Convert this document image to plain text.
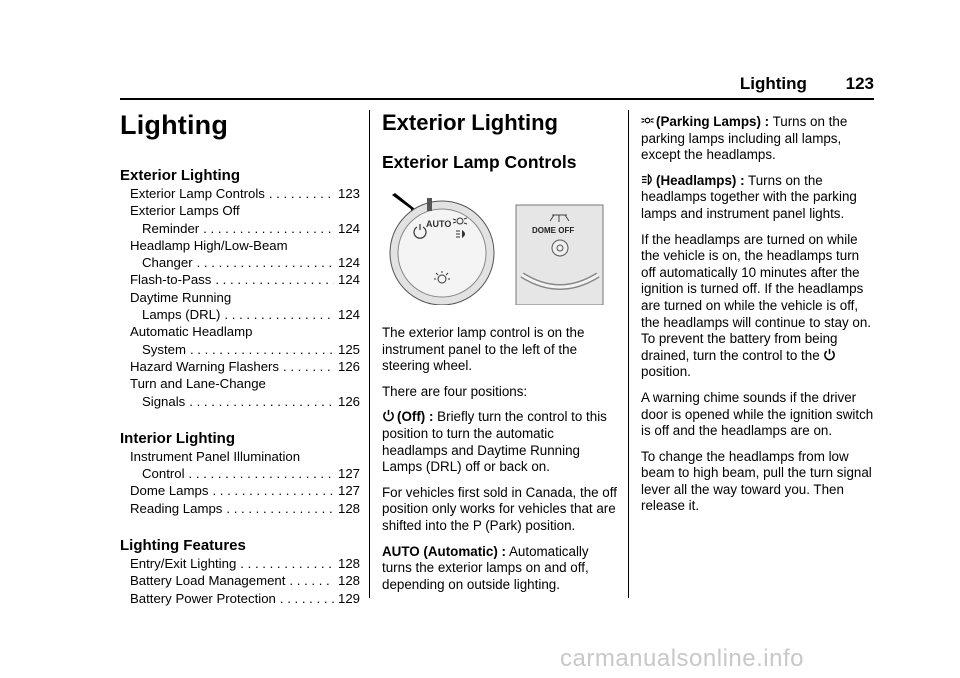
Lighting 123
Lighting
Exterior Lighting
Exterior Lamp Controls . . .	123
Exterior Lamps Off
Reminder . . .	124
Headlamp High/Low-Beam
Changer . . .	124
Flash-to-Pass . . .	124
Daytime Running
Lamps (DRL) . . .	124
Automatic Headlamp
System . . .	125
Hazard Warning Flashers . . .	126
Turn and Lane-Change
Signals . . .	126
Interior Lighting
Instrument Panel Illumination
Control . . .	127
Dome Lamps . . .	127
Reading Lamps . . .	128
Lighting Features
Entry/Exit Lighting . . .	128
Battery Load Management . . .	128
Battery Power Protection . . .	129
Exterior Lighting
Exterior Lamp Controls
AUTO
DOME OFF

The exterior lamp control is on the instrument panel to the left of the steering wheel.

There are four positions:

(Off) : Briefly turn the control to this position to turn the automatic headlamps and Daytime Running Lamps (DRL) off or back on.

For vehicles first sold in Canada, the off position only works for vehicles that are shifted into the P (Park) position.

AUTO (Automatic) : Automatically turns the exterior lamps on and off, depending on outside lighting.

(Parking Lamps) : Turns on the parking lamps including all lamps, except the headlamps.

(Headlamps) : Turns on the headlamps together with the parking lamps and instrument panel lights.

If the headlamps are turned on while the vehicle is on, the headlamps turn off automatically 10 minutes after the ignition is turned off. If the headlamps are turned on while the vehicle is off, the headlamps will continue to stay on. To prevent the battery from being drained, turn the control to the position.

A warning chime sounds if the driver door is opened while the ignition switch is off and the headlamps are on.

To change the headlamps from low beam to high beam, pull the turn signal lever all the way toward you. Then release it.

carmanualsonline.info
